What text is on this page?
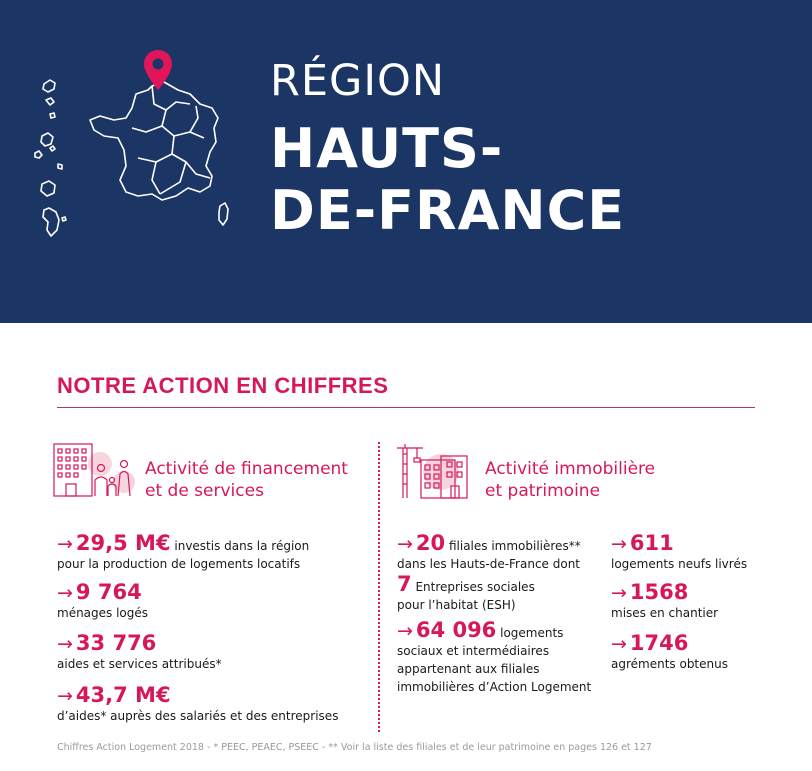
RÉGION
HAUTS-
DE-FRANCE
NOTRE ACTION EN CHIFFRES
Activité de financement
et de services
→ 29,5 M€ investis dans la région
pour la production de logements locatifs
→ 9 764
ménages logés
→ 33 776
aides et services attribués*
→ 43,7 M€
d’aides* auprès des salariés et des entreprises
Activité immobilière
et patrimoine
→ 20 filiales immobilières**
dans les Hauts-de-France dont
7 Entreprises sociales
pour l’habitat (ESH)
→ 64 096 logements
sociaux et intermédiaires
appartenant aux filiales
immobilières d’Action Logement
→ 611
logements neufs livrés
→ 1568
mises en chantier
→ 1746
agréments obtenus
Chiffres Action Logement 2018 - * PEEC, PEAEC, PSEEC - ** Voir la liste des filiales et de leur patrimoine en pages 126 et 127
